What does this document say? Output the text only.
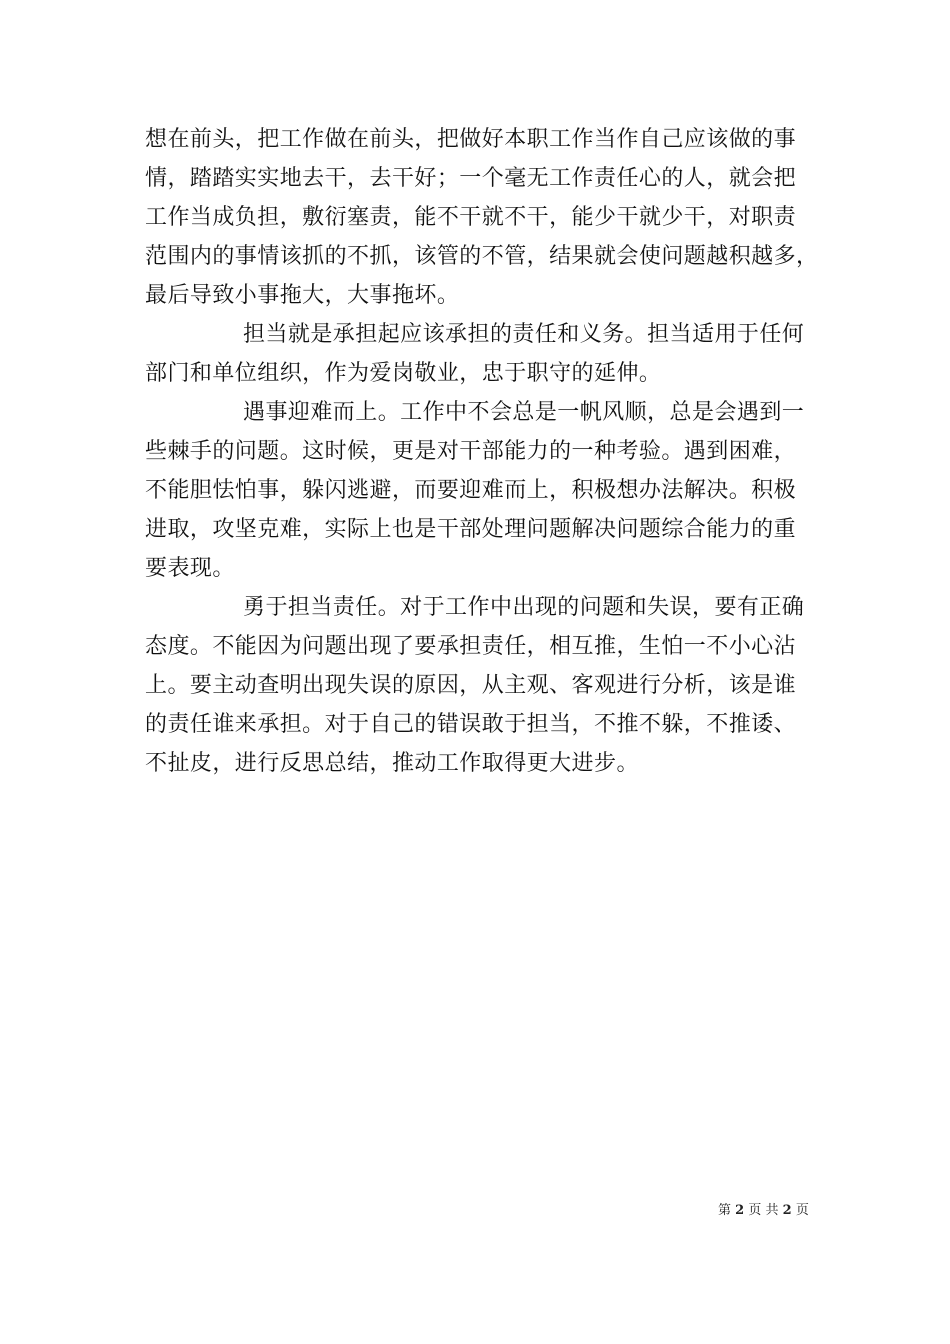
想在前头，把工作做在前头，把做好本职工作当作自己应该做的事
情，踏踏实实地去干，去干好；一个毫无工作责任心的人，就会把
工作当成负担，敷衍塞责，能不干就不干，能少干就少干，对职责
范围内的事情该抓的不抓，该管的不管，结果就会使问题越积越多，
最后导致小事拖大，大事拖坏。
担当就是承担起应该承担的责任和义务。担当适用于任何
部门和单位组织，作为爱岗敬业，忠于职守的延伸。
遇事迎难而上。工作中不会总是一帆风顺，总是会遇到一
些棘手的问题。这时候，更是对干部能力的一种考验。遇到困难，
不能胆怯怕事，躲闪逃避，而要迎难而上，积极想办法解决。积极
进取，攻坚克难，实际上也是干部处理问题解决问题综合能力的重
要表现。
勇于担当责任。对于工作中出现的问题和失误，要有正确
态度。不能因为问题出现了要承担责任，相互推，生怕一不小心沾
上。要主动查明出现失误的原因，从主观、客观进行分析，该是谁
的责任谁来承担。对于自己的错误敢于担当，不推不躲，不推诿、
不扯皮，进行反思总结，推动工作取得更大进步。
第 2 页 共 2 页
